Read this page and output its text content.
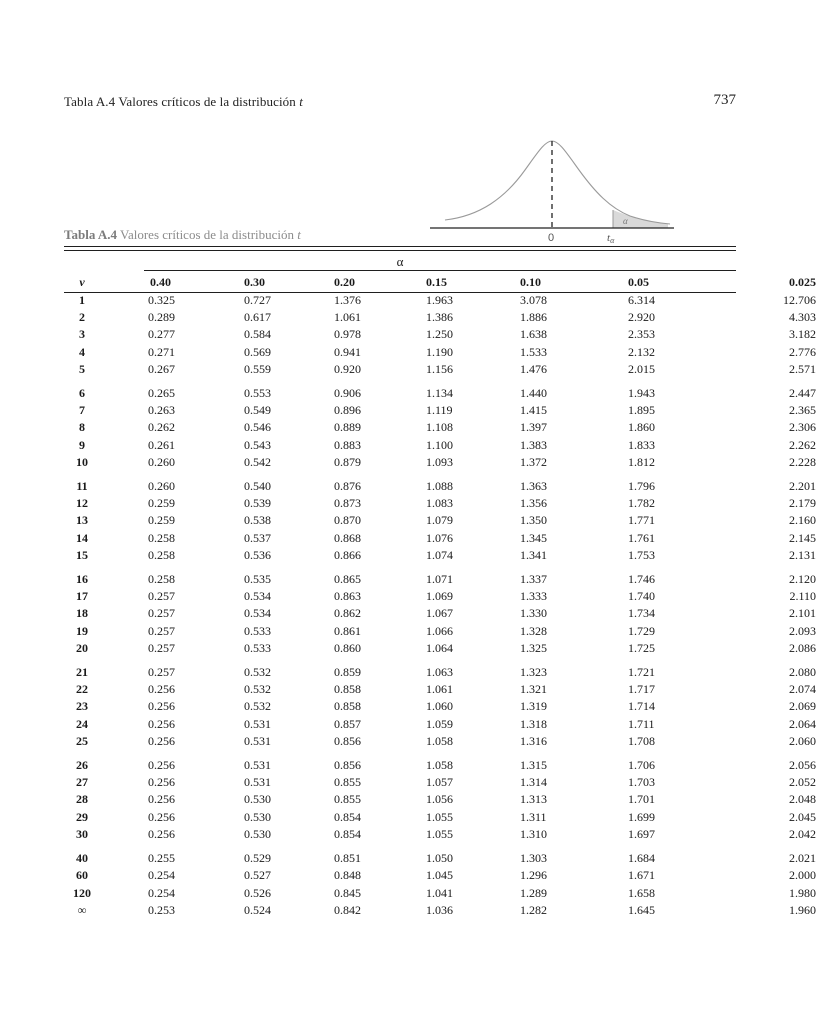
Tabla A.4 Valores críticos de la distribución t	737
α
0	tα
Tabla A.4 Valores críticos de la distribución t
α
ν	0.40	0.30	0.20	0.15	0.10	0.05	0.025
1	0.325	0.727	1.376	1.963	3.078	6.314	12.706
2	0.289	0.617	1.061	1.386	1.886	2.920	4.303
3	0.277	0.584	0.978	1.250	1.638	2.353	3.182
4	0.271	0.569	0.941	1.190	1.533	2.132	2.776
5	0.267	0.559	0.920	1.156	1.476	2.015	2.571
6	0.265	0.553	0.906	1.134	1.440	1.943	2.447
7	0.263	0.549	0.896	1.119	1.415	1.895	2.365
8	0.262	0.546	0.889	1.108	1.397	1.860	2.306
9	0.261	0.543	0.883	1.100	1.383	1.833	2.262
10	0.260	0.542	0.879	1.093	1.372	1.812	2.228
11	0.260	0.540	0.876	1.088	1.363	1.796	2.201
12	0.259	0.539	0.873	1.083	1.356	1.782	2.179
13	0.259	0.538	0.870	1.079	1.350	1.771	2.160
14	0.258	0.537	0.868	1.076	1.345	1.761	2.145
15	0.258	0.536	0.866	1.074	1.341	1.753	2.131
16	0.258	0.535	0.865	1.071	1.337	1.746	2.120
17	0.257	0.534	0.863	1.069	1.333	1.740	2.110
18	0.257	0.534	0.862	1.067	1.330	1.734	2.101
19	0.257	0.533	0.861	1.066	1.328	1.729	2.093
20	0.257	0.533	0.860	1.064	1.325	1.725	2.086
21	0.257	0.532	0.859	1.063	1.323	1.721	2.080
22	0.256	0.532	0.858	1.061	1.321	1.717	2.074
23	0.256	0.532	0.858	1.060	1.319	1.714	2.069
24	0.256	0.531	0.857	1.059	1.318	1.711	2.064
25	0.256	0.531	0.856	1.058	1.316	1.708	2.060
26	0.256	0.531	0.856	1.058	1.315	1.706	2.056
27	0.256	0.531	0.855	1.057	1.314	1.703	2.052
28	0.256	0.530	0.855	1.056	1.313	1.701	2.048
29	0.256	0.530	0.854	1.055	1.311	1.699	2.045
30	0.256	0.530	0.854	1.055	1.310	1.697	2.042
40	0.255	0.529	0.851	1.050	1.303	1.684	2.021
60	0.254	0.527	0.848	1.045	1.296	1.671	2.000
120	0.254	0.526	0.845	1.041	1.289	1.658	1.980
∞	0.253	0.524	0.842	1.036	1.282	1.645	1.960
